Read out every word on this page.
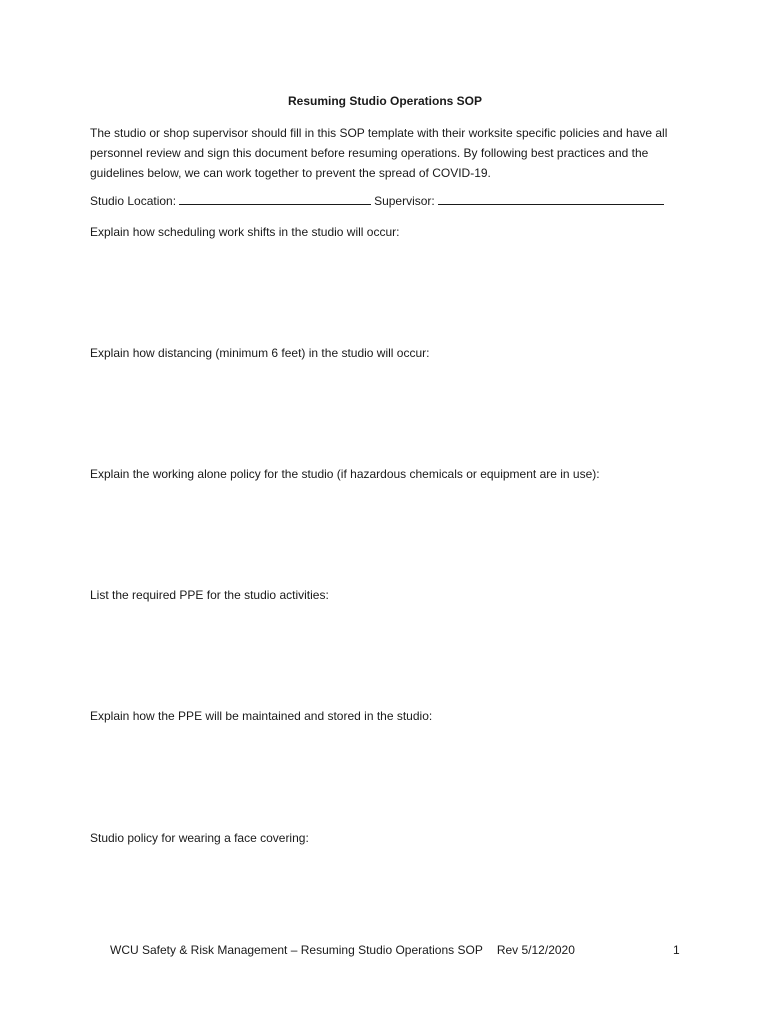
Resuming Studio Operations SOP
The studio or shop supervisor should fill in this SOP template with their worksite specific policies and have all personnel review and sign this document before resuming operations. By following best practices and the guidelines below, we can work together to prevent the spread of COVID-19.
Studio Location:	Supervisor:
Explain how scheduling work shifts in the studio will occur:
Explain how distancing (minimum 6 feet) in the studio will occur:
Explain the working alone policy for the studio (if hazardous chemicals or equipment are in use):
List the required PPE for the studio activities:
Explain how the PPE will be maintained and stored in the studio:
Studio policy for wearing a face covering:
WCU Safety & Risk Management – Resuming Studio Operations SOP Rev 5/12/2020	1
